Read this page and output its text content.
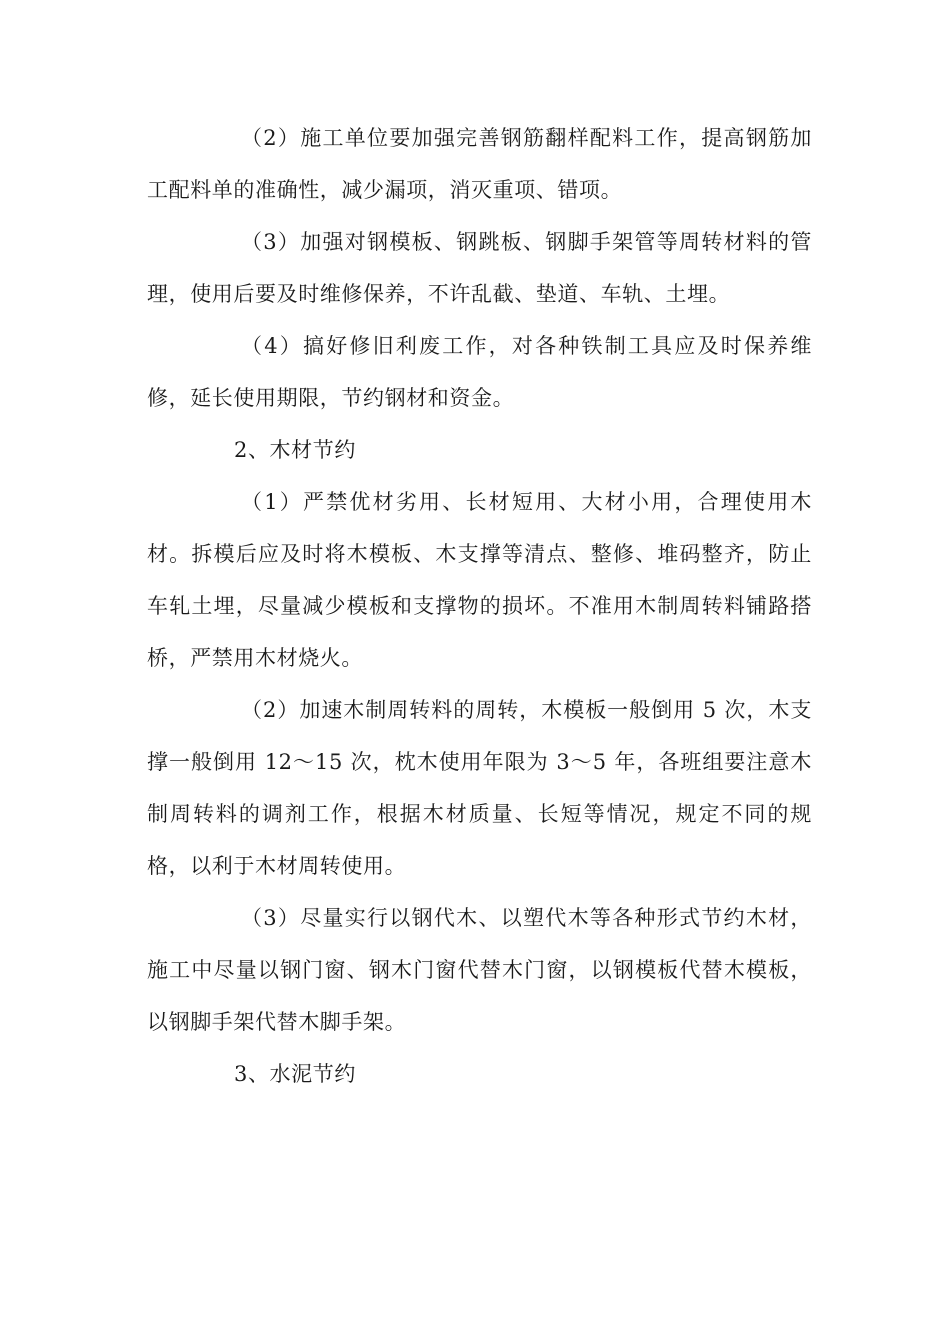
（2）施工单位要加强完善钢筋翻样配料工作，提高钢筋加工配料单的准确性，减少漏项，消灭重项、错项。

（3）加强对钢模板、钢跳板、钢脚手架管等周转材料的管理，使用后要及时维修保养，不许乱截、垫道、车轨、土埋。

（4）搞好修旧利废工作，对各种铁制工具应及时保养维修，延长使用期限，节约钢材和资金。

2、木材节约

（1）严禁优材劣用、长材短用、大材小用，合理使用木材。拆模后应及时将木模板、木支撑等清点、整修、堆码整齐，防止车轧土埋，尽量减少模板和支撑物的损坏。不准用木制周转料铺路搭桥，严禁用木材烧火。

（2）加速木制周转料的周转，木模板一般倒用 5 次，木支撑一般倒用 12～15 次，枕木使用年限为 3～5 年，各班组要注意木制周转料的调剂工作，根据木材质量、长短等情况，规定不同的规格，以利于木材周转使用。

（3）尽量实行以钢代木、以塑代木等各种形式节约木材，施工中尽量以钢门窗、钢木门窗代替木门窗，以钢模板代替木模板，以钢脚手架代替木脚手架。

3、水泥节约
